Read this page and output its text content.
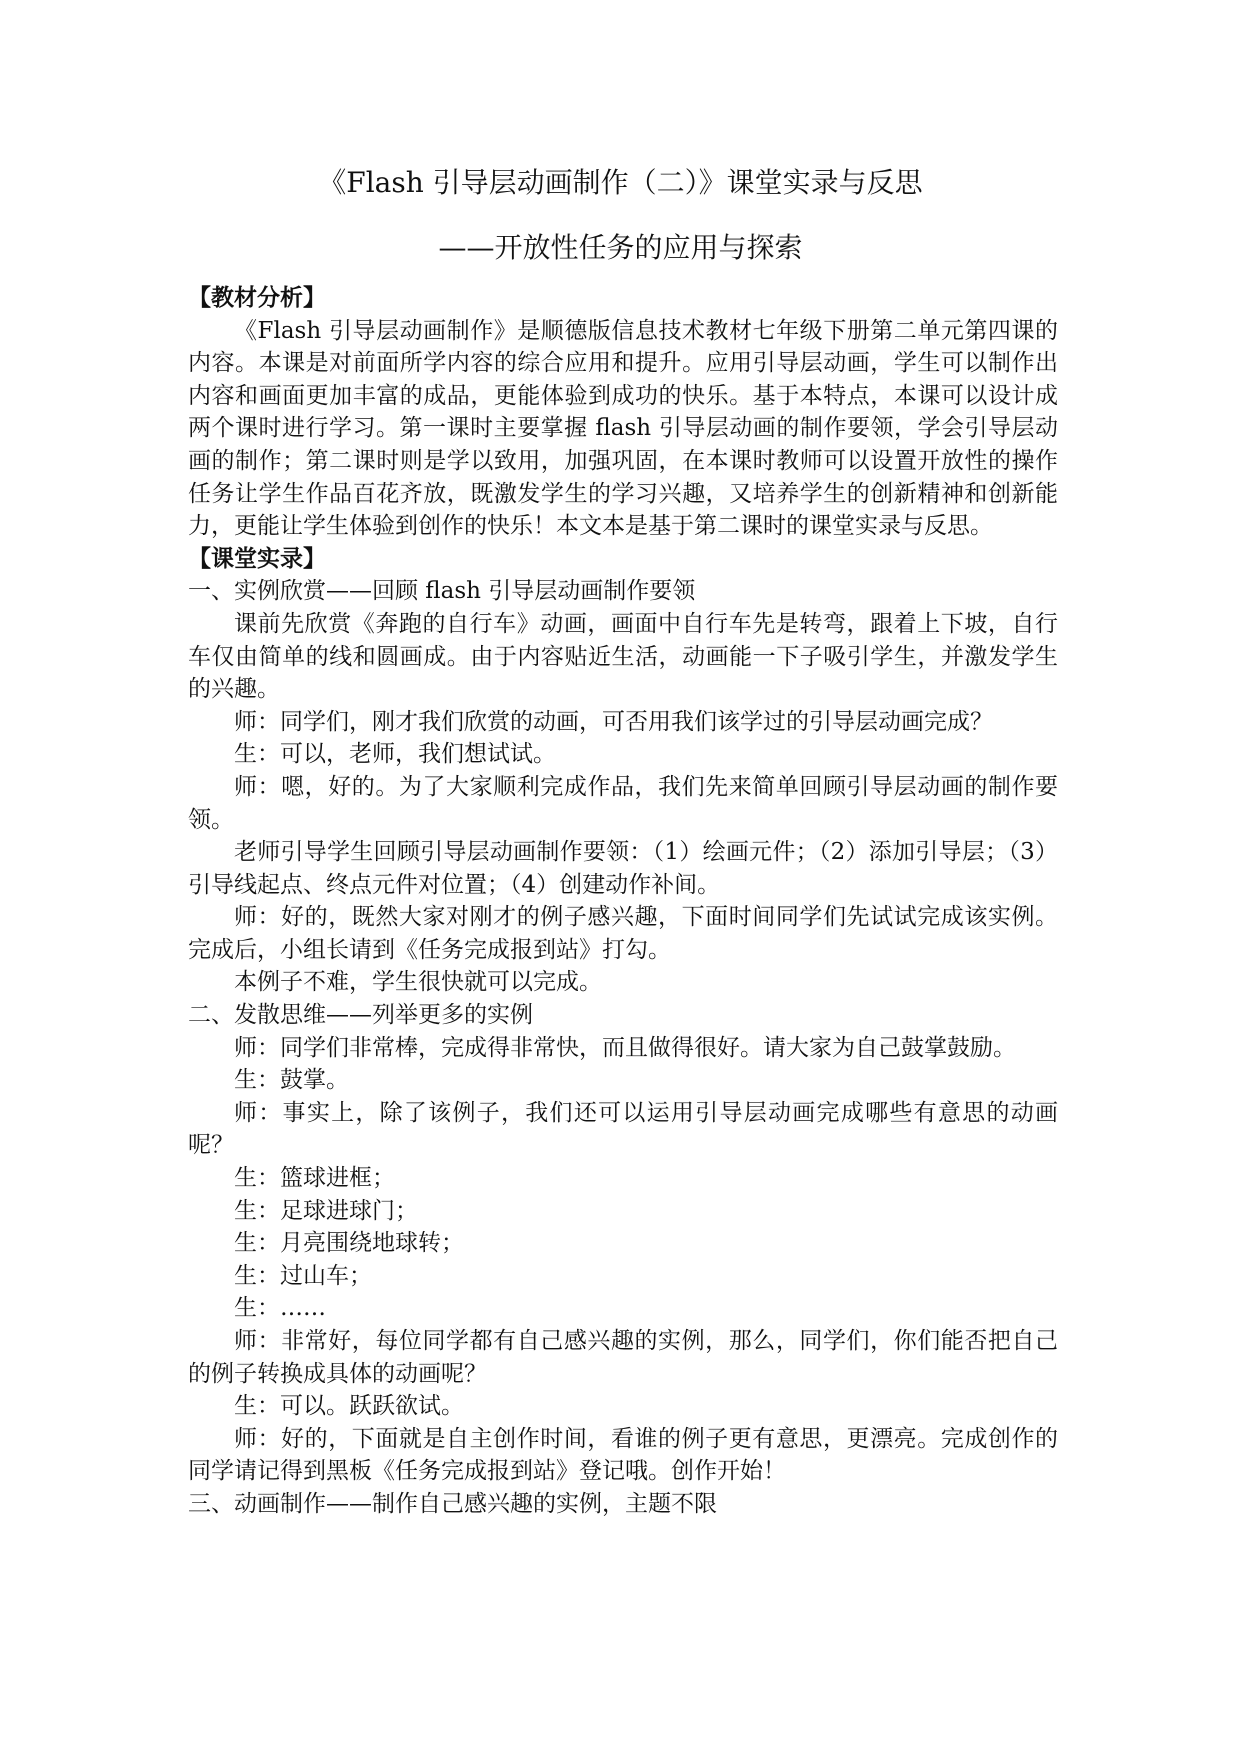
《Flash 引导层动画制作（二）》课堂实录与反思
——开放性任务的应用与探索
【教材分析】

《Flash 引导层动画制作》是顺德版信息技术教材七年级下册第二单元第四课的内容。本课是对前面所学内容的综合应用和提升。应用引导层动画，学生可以制作出内容和画面更加丰富的成品，更能体验到成功的快乐。基于本特点，本课可以设计成两个课时进行学习。第一课时主要掌握 flash 引导层动画的制作要领，学会引导层动画的制作；第二课时则是学以致用，加强巩固，在本课时教师可以设置开放性的操作任务让学生作品百花齐放，既激发学生的学习兴趣，又培养学生的创新精神和创新能力，更能让学生体验到创作的快乐！本文本是基于第二课时的课堂实录与反思。

【课堂实录】

一、实例欣赏——回顾 flash 引导层动画制作要领

课前先欣赏《奔跑的自行车》动画，画面中自行车先是转弯，跟着上下坡，自行车仅由简单的线和圆画成。由于内容贴近生活，动画能一下子吸引学生，并激发学生的兴趣。

师：同学们，刚才我们欣赏的动画，可否用我们该学过的引导层动画完成？

生：可以，老师，我们想试试。

师：嗯，好的。为了大家顺利完成作品，我们先来简单回顾引导层动画的制作要领。

老师引导学生回顾引导层动画制作要领：（1）绘画元件；（2）添加引导层；（3）引导线起点、终点元件对位置；（4）创建动作补间。

师：好的，既然大家对刚才的例子感兴趣，下面时间同学们先试试完成该实例。完成后，小组长请到《任务完成报到站》打勾。

本例子不难，学生很快就可以完成。

二、发散思维——列举更多的实例

师：同学们非常棒，完成得非常快，而且做得很好。请大家为自己鼓掌鼓励。

生：鼓掌。

师：事实上，除了该例子，我们还可以运用引导层动画完成哪些有意思的动画呢？

生：篮球进框；

生：足球进球门；

生：月亮围绕地球转；

生：过山车；

生：……

师：非常好，每位同学都有自己感兴趣的实例，那么，同学们，你们能否把自己的例子转换成具体的动画呢？

生：可以。跃跃欲试。

师：好的，下面就是自主创作时间，看谁的例子更有意思，更漂亮。完成创作的同学请记得到黑板《任务完成报到站》登记哦。创作开始！

三、动画制作——制作自己感兴趣的实例，主题不限
